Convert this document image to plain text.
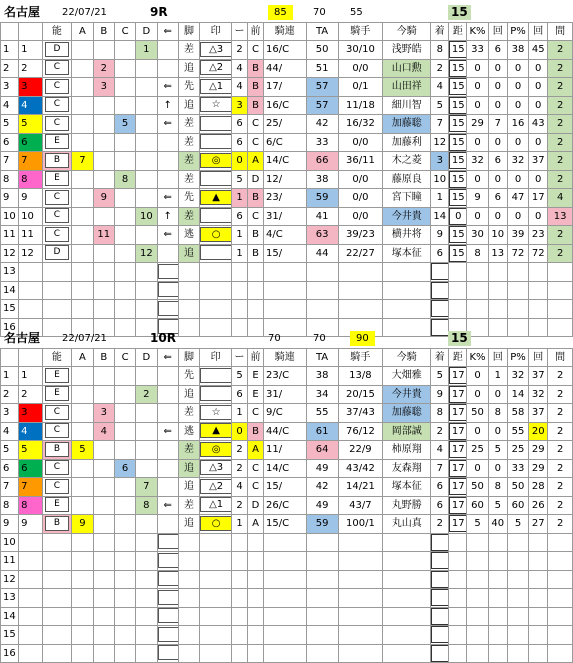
名古屋 22/07/21	9R	85	70 55	15
		能	A	B	C	D	⇐	脚	印	ー	前	騎連	TA	騎手	今騎	着	距	K%	回	P%	回	間
1	1	D				1		差	△3	2	C	16/C	50	30/10	浅野皓	8	15	33	6	38	45	2
2	2	C		2				追	△2	4	B	44/	51	0/0	山口勲	2	15	0	0	0	0	2
3	3	C		3			⇐	先	△1	4	B	17/	57	0/1	山田祥	4	15	0	0	0	0	2
4	4	C					↑	追	☆	3	B	16/C	57	11/18	細川智	5	15	0	0	0	0	2
5	5	C			5		⇐	差		6	C	25/	42	16/32	加藤聡	7	15	29	7	16	43	2
6	6	E						差		6	C	6/C	33	0/0	加藤利	12	15	0	0	0	0	2
7	7	B	7					差	◎	0	A	14/C	66	36/11	木之菱	3	15	32	6	32	37	2
8	8	E			8			差		5	D	12/	38	0/0	藤原良	10	15	0	0	0	0	2
9	9	C		9			⇐	先	▲	1	B	23/	59	0/0	宮下瞳	1	15	9	6	47	17	4
10	10	C				10	↑	差		6	C	31/	41	0/0	今井貴	14	0	0	0	0	0	13
11	11	C		11			⇐	逃	○	1	B	4/C	63	39/23	横井将	9	15	30	10	39	23	2
12	12	D				12		追		1	B	15/	44	22/27	塚本征	6	15	8	13	72	72	2
13																						
14																						
15																						
16																						
名古屋 22/07/21	10R	70	70	90	15
		能	A	B	C	D	⇐	脚	印	ー	前	騎連	TA	騎手	今騎	着	距	K%	回	P%	回	間
1	1	E						先		5	E	23/C	38	13/8	大畑雅	5	17	0	1	32	37	2
2	2	E				2		追		6	E	31/	34	20/15	今井貴	9	17	0	0	14	32	2
3	3	C		3				差	☆	1	C	9/C	55	37/43	加藤聡	8	17	50	8	58	37	2
4	4	C		4			⇐	逃	▲	0	B	44/C	61	76/12	岡部誠	2	17	0	0	55	20	2
5	5	B	5					差	◎	2	A	11/	64	22/9	柿原翔	4	17	25	5	25	29	2
6	6	C			6			追	△3	2	C	14/C	49	43/42	友森翔	7	17	0	0	33	29	2
7	7	C				7		追	△2	4	C	15/	42	14/21	塚本征	6	17	50	8	50	28	2
8	8	E				8	⇐	差	△1	2	D	26/C	49	43/7	丸野勝	6	17	60	5	60	26	2
9	9	B	9					追	○	1	A	15/C	59	100/1	丸山真	2	17	5	40	5	27	2
10																						
11																						
12																						
13																						
14																						
15																						
16																						
